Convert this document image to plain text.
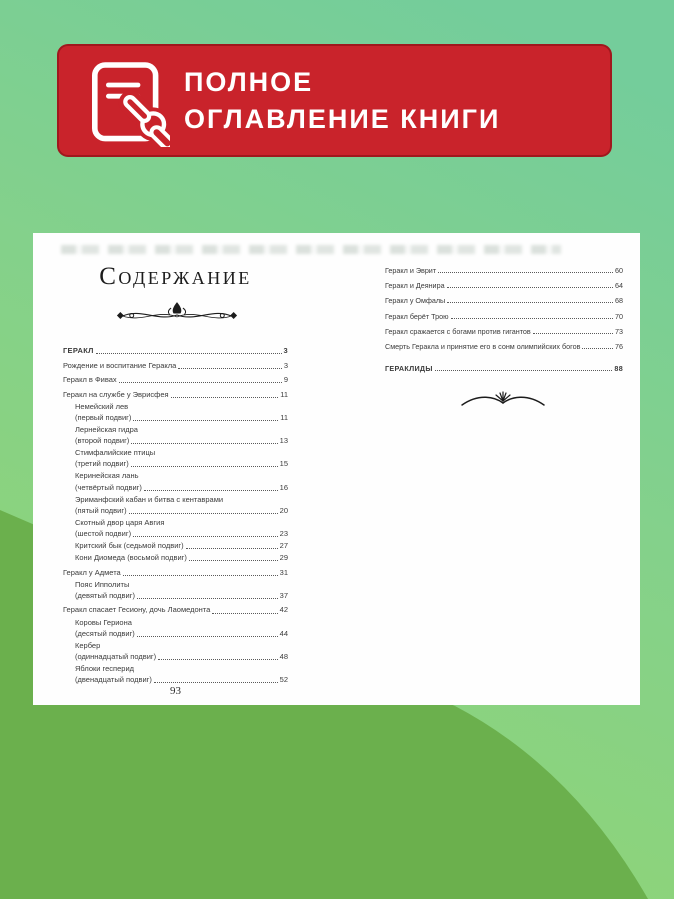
ПОЛНОЕ
ОГЛАВЛЕНИЕ КНИГИ
Содержание
ГЕРАКЛ	3
Рождение и воспитание Геракла	3
Геракл в Фивах	9
Геракл на службе у Эврисфея	11
Немейский лев
(первый подвиг)	11
Лернейская гидра
(второй подвиг)	13
Стимфалийские птицы
(третий подвиг)	15
Керинейская лань
(четвёртый подвиг)	16
Эриманфский кабан и битва с кентаврами
(пятый подвиг)	20
Скотный двор царя Авгия
(шестой подвиг)	23
Критский бык (седьмой подвиг)	27
Кони Диомеда (восьмой подвиг)	29
Геракл у Адмета	31
Пояс Ипполиты
(девятый подвиг)	37
Геракл спасает Гесиону, дочь Лаомедонта	42
Коровы Гериона
(десятый подвиг)	44
Кербер
(одиннадцатый подвиг)	48
Яблоки гесперид
(двенадцатый подвиг)	52
Геракл и Эврит	60
Геракл и Деянира	64
Геракл у Омфалы	68
Геракл берёт Трою	70
Геракл сражается с богами против гигантов	73
Смерть Геракла и принятие его в сонм олимпийских богов	76
ГЕРАКЛИДЫ	88
93
